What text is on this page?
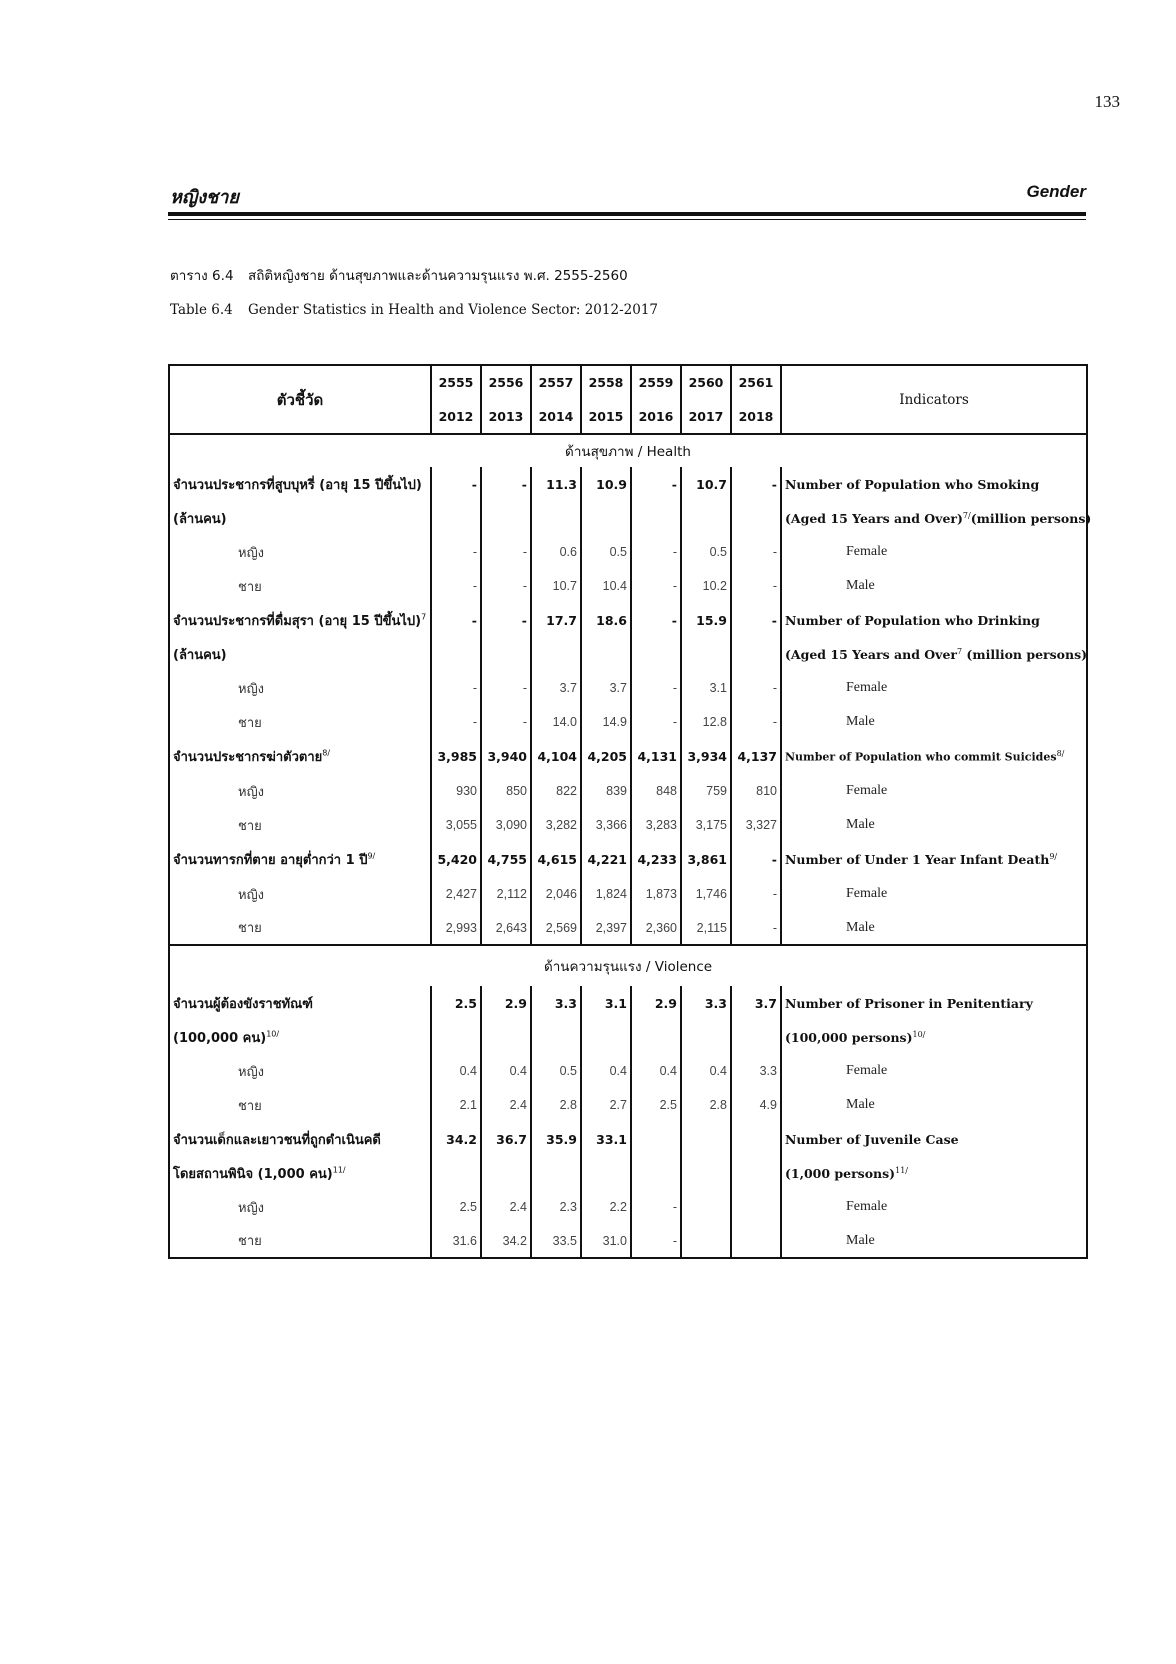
133
หญิงชาย	Gender
ตาราง 6.4 สถิติหญิงชาย ด้านสุขภาพและด้านความรุนแรง พ.ศ. 2555-2560
Table 6.4 Gender Statistics in Health and Violence Sector: 2012-2017
ตัวชี้วัด	2555	2556	2557	2558	2559	2560	2561	Indicators
	2012	2013	2014	2015	2016	2017	2018	
ด้านสุขภาพ / Health								
จำนวนประชากรที่สูบบุหรี่ (อายุ 15 ปีขึ้นไป)	-	-	11.3	10.9	-	10.7	-	Number of Population who Smoking
(ล้านคน)								(Aged 15 Years and Over)$^{7/}$(million persons)
หญิง	-	-	0.6	0.5	-	0.5	-	Female
ชาย	-	-	10.7	10.4	-	10.2	-	Male
จำนวนประชากรที่ดื่มสุรา (อายุ 15 ปีขึ้นไป)$^7$	-	-	17.7	18.6	-	15.9	-	Number of Population who Drinking
(ล้านคน)								(Aged 15 Years and Over$^7$ (million persons)
หญิง	-	-	3.7	3.7	-	3.1	-	Female
ชาย	-	-	14.0	14.9	-	12.8	-	Male
จำนวนประชากรฆ่าตัวตาย$^{8/}$	3,985	3,940	4,104	4,205	4,131	3,934	4,137	Number of Population who commit Suicides$^{8/}$
หญิง	930	850	822	839	848	759	810	Female
ชาย	3,055	3,090	3,282	3,366	3,283	3,175	3,327	Male
จำนวนทารกที่ตาย อายุต่ำกว่า 1 ปี$^{9/}$	5,420	4,755	4,615	4,221	4,233	3,861	-	Number of Under 1 Year Infant Death$^{9/}$
หญิง	2,427	2,112	2,046	1,824	1,873	1,746	-	Female
ชาย	2,993	2,643	2,569	2,397	2,360	2,115	-	Male
ด้านความรุนแรง / Violence								
จำนวนผู้ต้องขังราชทัณฑ์	2.5	2.9	3.3	3.1	2.9	3.3	3.7	Number of Prisoner in Penitentiary
(100,000 คน)$^{10/}$								(100,000 persons)$^{10/}$
หญิง	0.4	0.4	0.5	0.4	0.4	0.4	3.3	Female
ชาย	2.1	2.4	2.8	2.7	2.5	2.8	4.9	Male
จำนวนเด็กและเยาวชนที่ถูกดำเนินคดี	34.2	36.7	35.9	33.1				Number of Juvenile Case
โดยสถานพินิจ (1,000 คน)$^{11/}$								(1,000 persons)$^{11/}$
หญิง	2.5	2.4	2.3	2.2	-			Female
ชาย	31.6	34.2	33.5	31.0	-			Male
